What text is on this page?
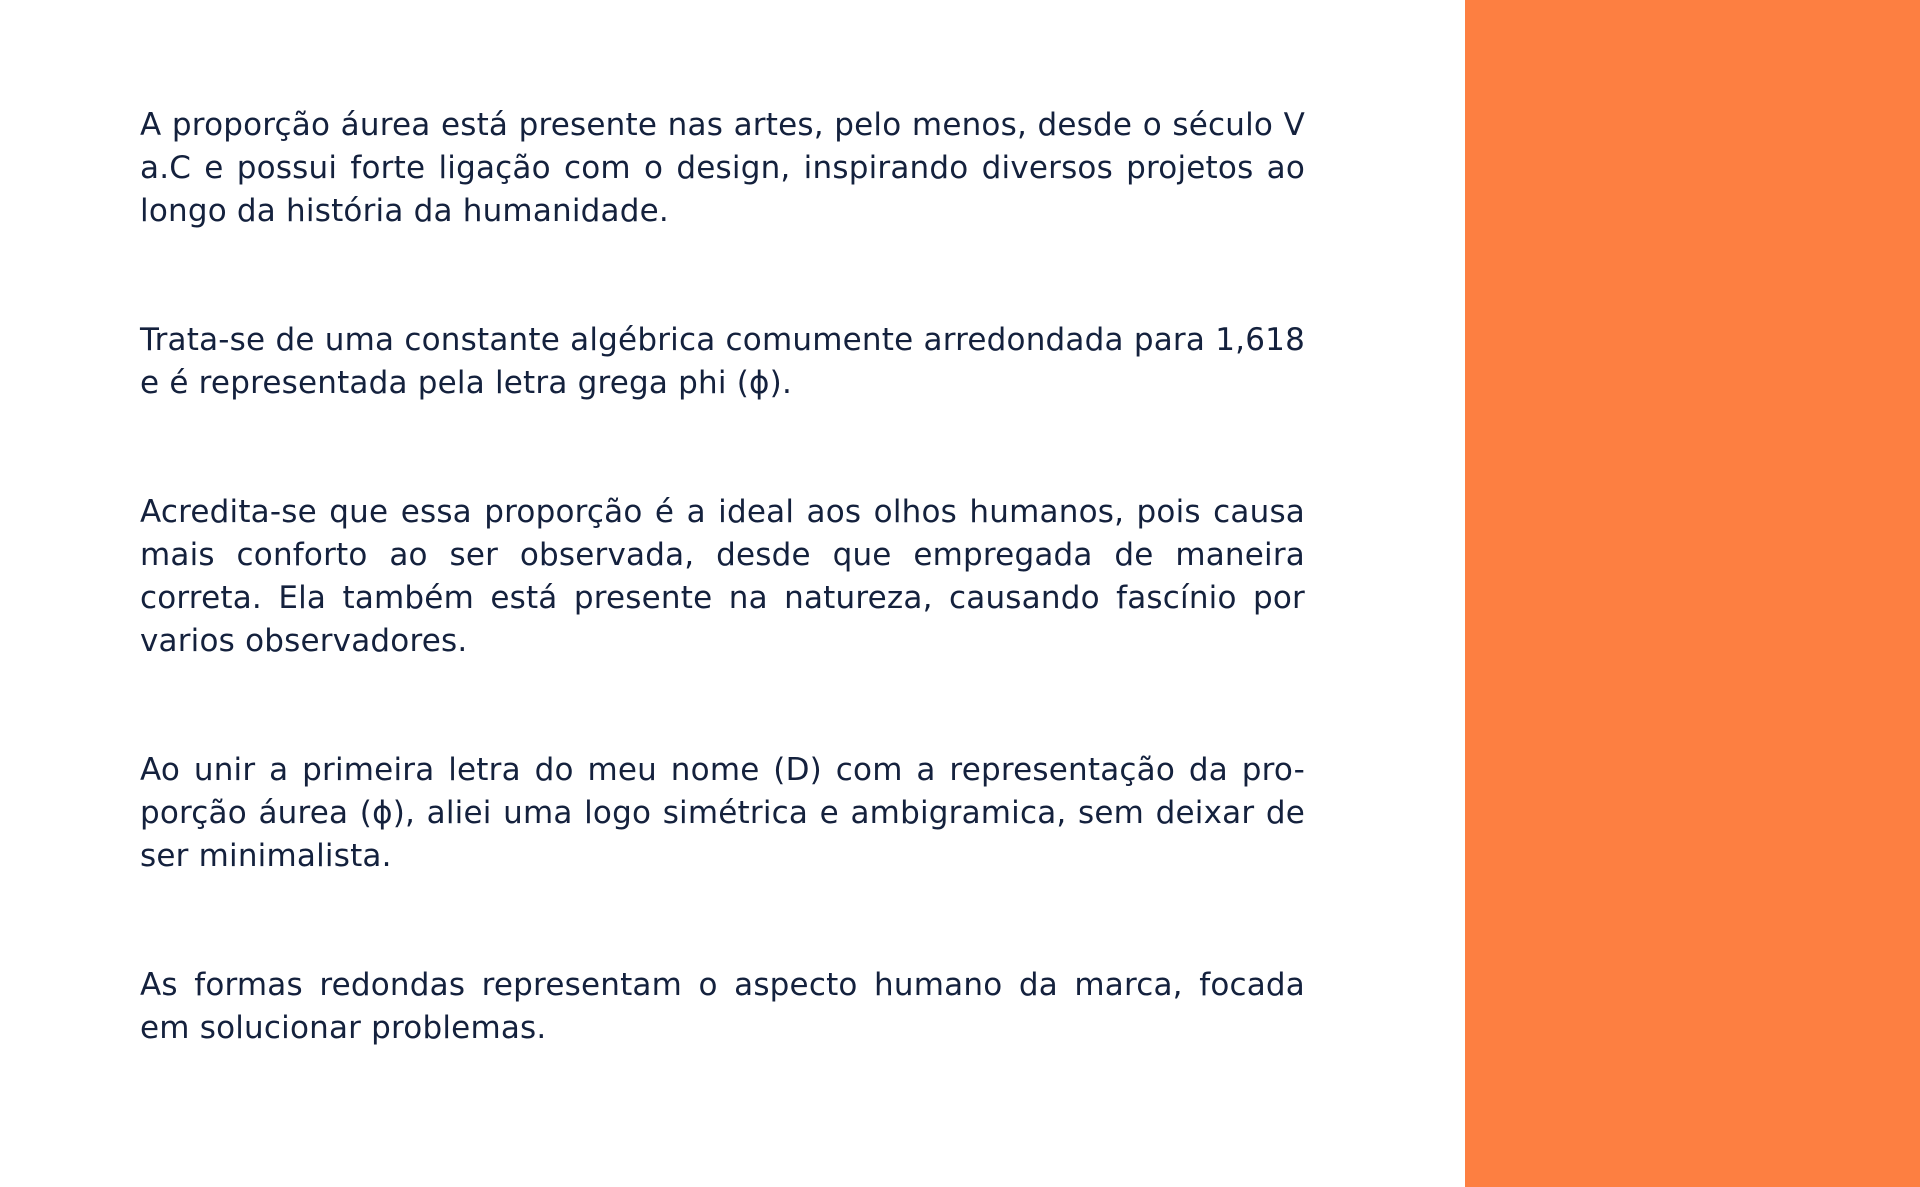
A proporção áurea está presente nas artes, pelo menos, desde o século V a.C e possui forte ligação com o design, inspirando diversos projetos ao longo da história da humanidade.

Trata-se de uma constante algébrica comumente arredondada para 1,618 e é representada pela letra grega phi (ϕ).

Acredita-se que essa proporção é a ideal aos olhos humanos, pois causa mais conforto ao ser observada, desde que empregada de maneira correta. Ela também está presente na natureza, causando fascínio por varios observadores.

Ao unir a primeira letra do meu nome (D) com a representação da pro-porção áurea (ϕ), aliei uma logo simétrica e ambigramica, sem deixar de ser minimalista.

As formas redondas representam o aspecto humano da marca, focada em solucionar problemas.
